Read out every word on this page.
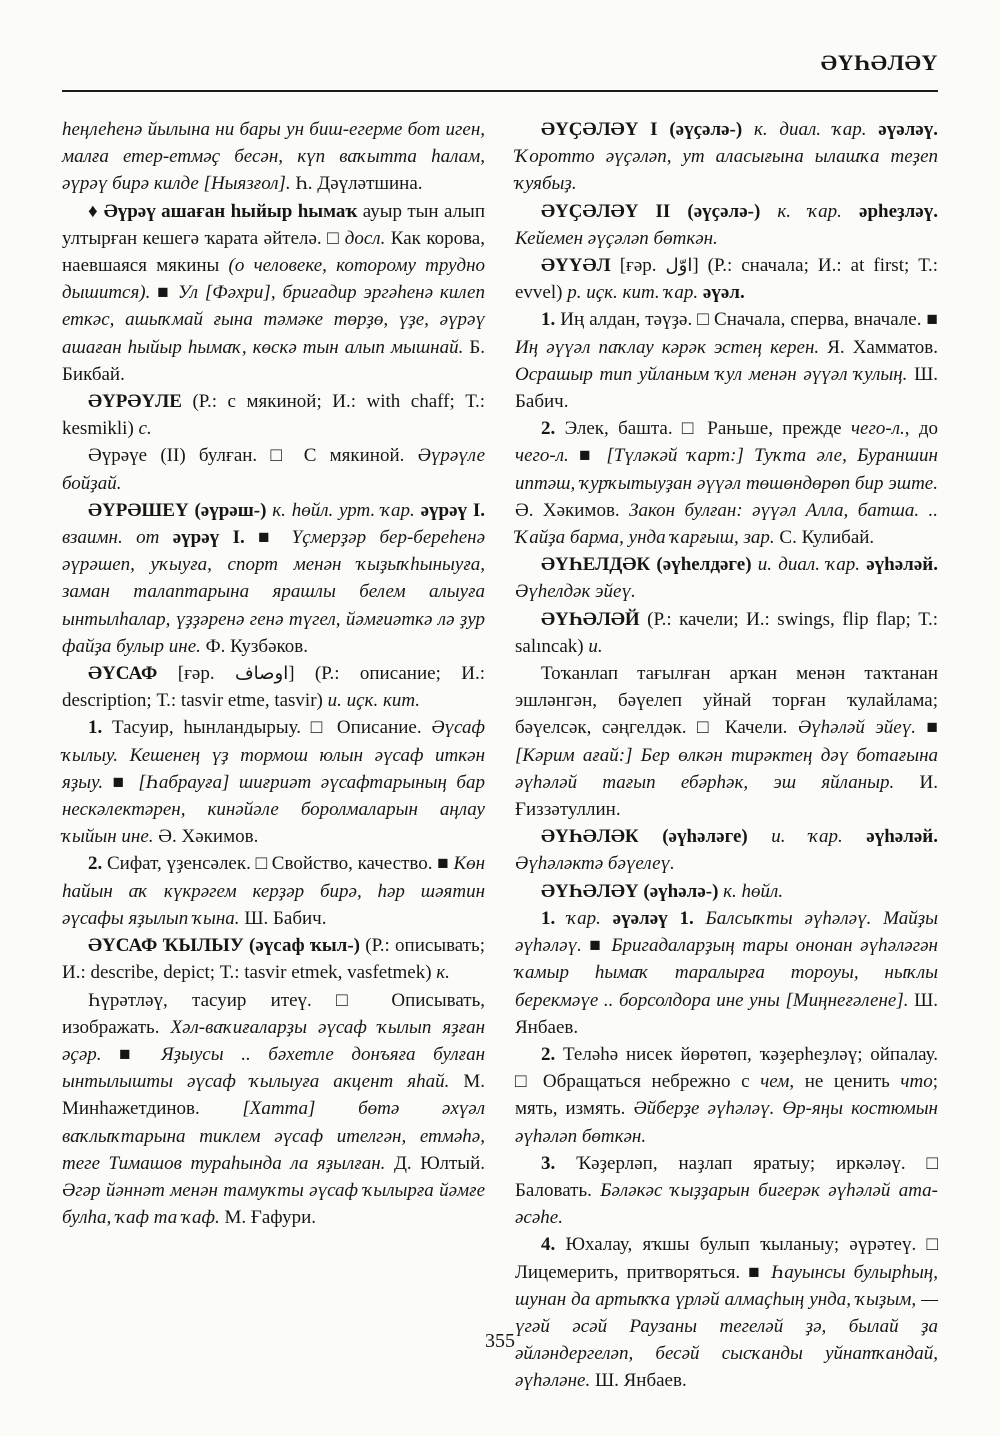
ӘҮҺӘЛӘҮ
һеңлеһенә йылына ни бары ун биш-егерме бот иген, малға етер-етмәҫ бесән, күп ваҡытта һалам, әүрәү бирә килде [Ныязғол]. Һ. Дәүләтшина.
♦ Әүрәү ашаған һыйыр һымаҡ ауыр тын алып ултырған кешегә ҡарата әйтелә. □ досл. Как корова, наевшаяся мякины (о человеке, которому трудно дышится). ■ Ул [Фәхри], бригадир эргәһенә килеп еткәс, ашыҡмай ғына тәмәке төрҙө, үҙе, әүрәү ашаған һыйыр һымаҡ, көскә тын алып мышнай. Б. Бикбай.
ӘҮРӘҮЛЕ (Р.: с мякиной; И.: with chaff; Т.: kesmikli) с.
Әүрәүе (II) булған. □ С мякиной. Әүрәүле бойҙай.
ӘҮРӘШЕҮ (әүрәш-) к. һөйл. урт. ҡар. әүрәү I. взаимн. от әүрәү I. ■ Үҫмерҙәр бер-береһенә әүрәшеп, уҡыуға, спорт менән ҡыҙыҡһыныуға, заман талаптарына ярашлы белем алыуға ынтылһалар, үҙҙәренә генә түгел, йәмғиәткә лә ҙур файҙа булыр ине. Ф. Кузбәков.
ӘҮСАФ [ғәр. اوصاف] (Р.: описание; И.: description; Т.: tasvir etme, tasvir) и. иҫк. кит.
1. Тасуир, һынландырыу. □ Описание. Әүсаф ҡылыу. Кешенең үҙ тормош юлын әүсаф иткән яҙыу. ■ [Һабрауға] шиғриәт әүсафтарының бар нескәлектәрен, кинәйәле боролмаларын аңлау ҡыйын ине. Ә. Хәкимов.
2. Сифат, үҙенсәлек. □ Свойство, качество. ■ Көн һайын аҡ күкрәгем керҙәр бирә, һәр шәятин әүсафы яҙылып ҡына. Ш. Бабич.
ӘҮСАФ ҠЫЛЫУ (әүсаф ҡыл-) (Р.: описывать; И.: describe, depict; Т.: tasvir etmek, vasfetmek) к.
Һүрәтләү, тасуир итеү. □ Описывать, изображать. Хәл-ваҡиғаларҙы әүсаф ҡылып яҙған әҫәр. ■ Яҙыусы .. бәхетле донъяға булған ынтылышты әүсаф ҡылыуға акцент яһай. М. Минһажетдинов. [Хатта] бөтә әхүәл ваҡлыҡтарына тиклем әүсаф ителгән, етмәһә, теге Тимашов тураһында ла яҙылған. Д. Юлтый. Әгәр йәннәт менән тамуҡты әүсаф ҡылырға йәмғе булһа, ҡаф та ҡаф. М. Ғафури.
ӘҮҪӘЛӘҮ I (әүҫәлә-) к. диал. ҡар. әүәләү. Ҡоротто әүҫәләп, ут аласығына ылашҡа теҙеп ҡуябыҙ.
ӘҮҪӘЛӘҮ II (әүҫәлә-) к. ҡар. әрһеҙләү. Кейемен әүҫәләп бөткән.
ӘҮҮӘЛ [ғәр. اوّل] (Р.: сначала; И.: at first; Т.: evvel) р. иҫк. кит. ҡар. әүәл.
1. Иң алдан, тәүҙә. □ Сначала, сперва, вначале. ■ Иң әүүәл паҡлау кәрәк эстең керен. Я. Хамматов. Осрашыр тип уйланым ҡул менән әүүәл ҡулың. Ш. Бабич.
2. Элек, башта. □ Раньше, прежде чего-л., до чего-л. ■ [Түләкәй ҡарт:] Туҡта әле, Бураншин иптәш, ҡурҡытыуҙан әүүәл төшөндөрөп бир эште. Ә. Хәкимов. Закон булған: әүүәл Алла, батша. .. Ҡайҙа барма, унда ҡарғыш, зар. С. Кулибай.
ӘҮҺЕЛДӘК (әүһелдәге) и. диал. ҡар. әүһәләй. Әүһелдәк эйеү.
ӘҮҺӘЛӘЙ (Р.: качели; И.: swings, flip flap; Т.: salıncak) и.
Тоҡанлап тағылған арҡан менән таҡтанан эшләнгән, бәүелеп уйнай торған ҡулайлама; бәүелсәк, сәңгелдәк. □ Качели. Әүһәләй эйеү. ■ [Кәрим ағай:] Бер өлкән тирәктең дәү ботағына әүһәләй тағып ебәрһәк, эш яйланыр. И. Ғиззәтуллин.
ӘҮҺӘЛӘК (әүһәләге) и. ҡар. әүһәләй. Әүһәләктә бәүелеү.
ӘҮҺӘЛӘҮ (әүһәлә-) к. һөйл.
1. ҡар. әүәләү 1. Балсыҡты әүһәләү. Майҙы әүһәләү. ■ Бригадаларҙың тары ононан әүһәләгән ҡамыр һымаҡ таралырға тороуы, ныҡлы берекмәүе .. борсолдора ине уны [Миңнеғәлене]. Ш. Янбаев.
2. Теләһә нисек йөрөтөп, ҡәҙерһеҙләү; ойпалау. □ Обращаться небрежно с чем, не ценить что; мять, измять. Әйберҙе әүһәләү. Өр-яңы костюмын әүһәләп бөткән.
3. Ҡәҙерләп, наҙлап яратыу; иркәләү. □ Баловать. Бәләкәс ҡыҙҙарын бигерәк әүһәләй ата-әсәһе.
4. Юхалау, яҡшы булып ҡыланыу; әүрәтеү. □ Лицемерить, притворяться. ■ Һауынсы булырһың, шунан да артыҡҡа үрләй алмаҫһың унда, ҡыҙым, — үгәй әсәй Раузаны тегеләй ҙә, былай ҙа әйләндергеләп, бесәй сысҡанды уйнатҡандай, әүһәләне. Ш. Янбаев.
355
